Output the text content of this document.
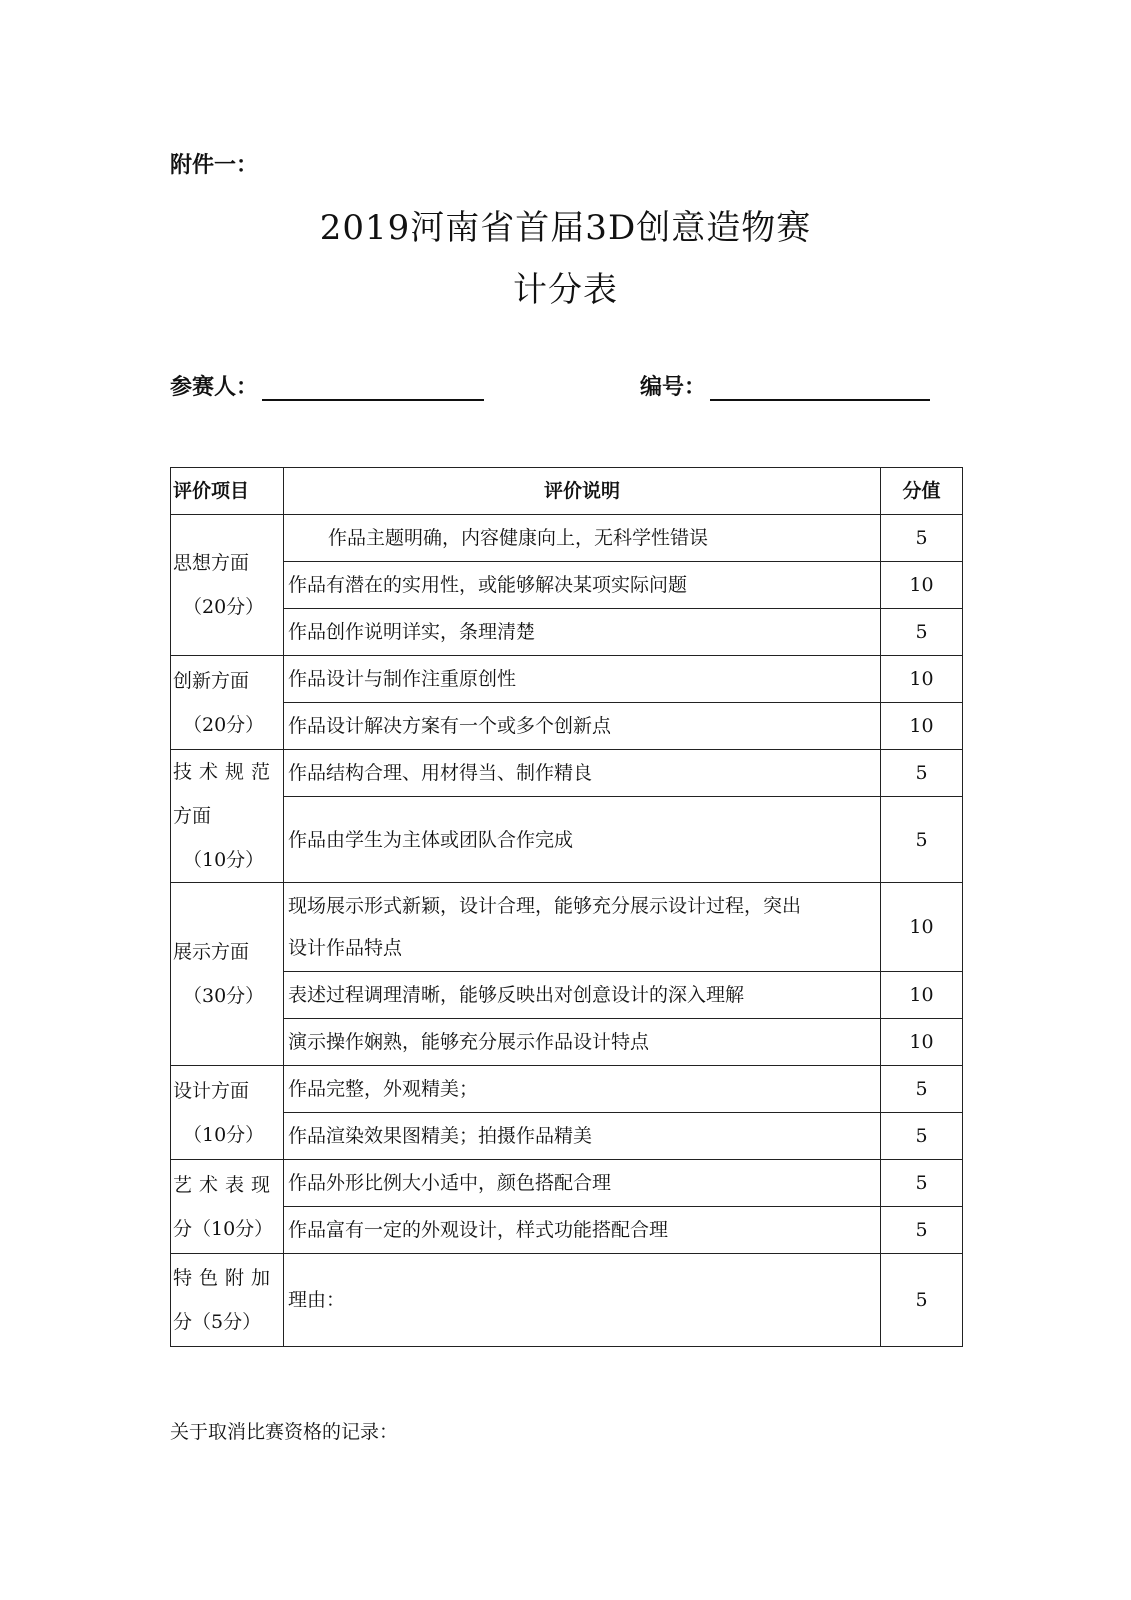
附件一：
2019河南省首届3D创意造物赛
计分表
参赛人：	编号：
评价项目	评价说明	分值

思想方面
（20分）	作品主题明确，内容健康向上，无科学性错误	5
	作品有潜在的实用性，或能够解决某项实际问题	10
	作品创作说明详实，条理清楚	5

创新方面
（20分）	作品设计与制作注重原创性	10
	作品设计解决方案有一个或多个创新点	10

技术规范
方面
（10分）	作品结构合理、用材得当、制作精良	5
	作品由学生为主体或团队合作完成	5

展示方面
（30分）	现场展示形式新颖，设计合理，能够充分展示设计过程，突出
设计作品特点	10
	表述过程调理清晰，能够反映出对创意设计的深入理解	10
	演示操作娴熟，能够充分展示作品设计特点	10

设计方面
（10分）	作品完整，外观精美；	5
	作品渲染效果图精美；拍摄作品精美	5

艺术表现
分（10分）	作品外形比例大小适中，颜色搭配合理	5
	作品富有一定的外观设计，样式功能搭配合理	5

特色附加
分（5分）	理由：	5
关于取消比赛资格的记录：
